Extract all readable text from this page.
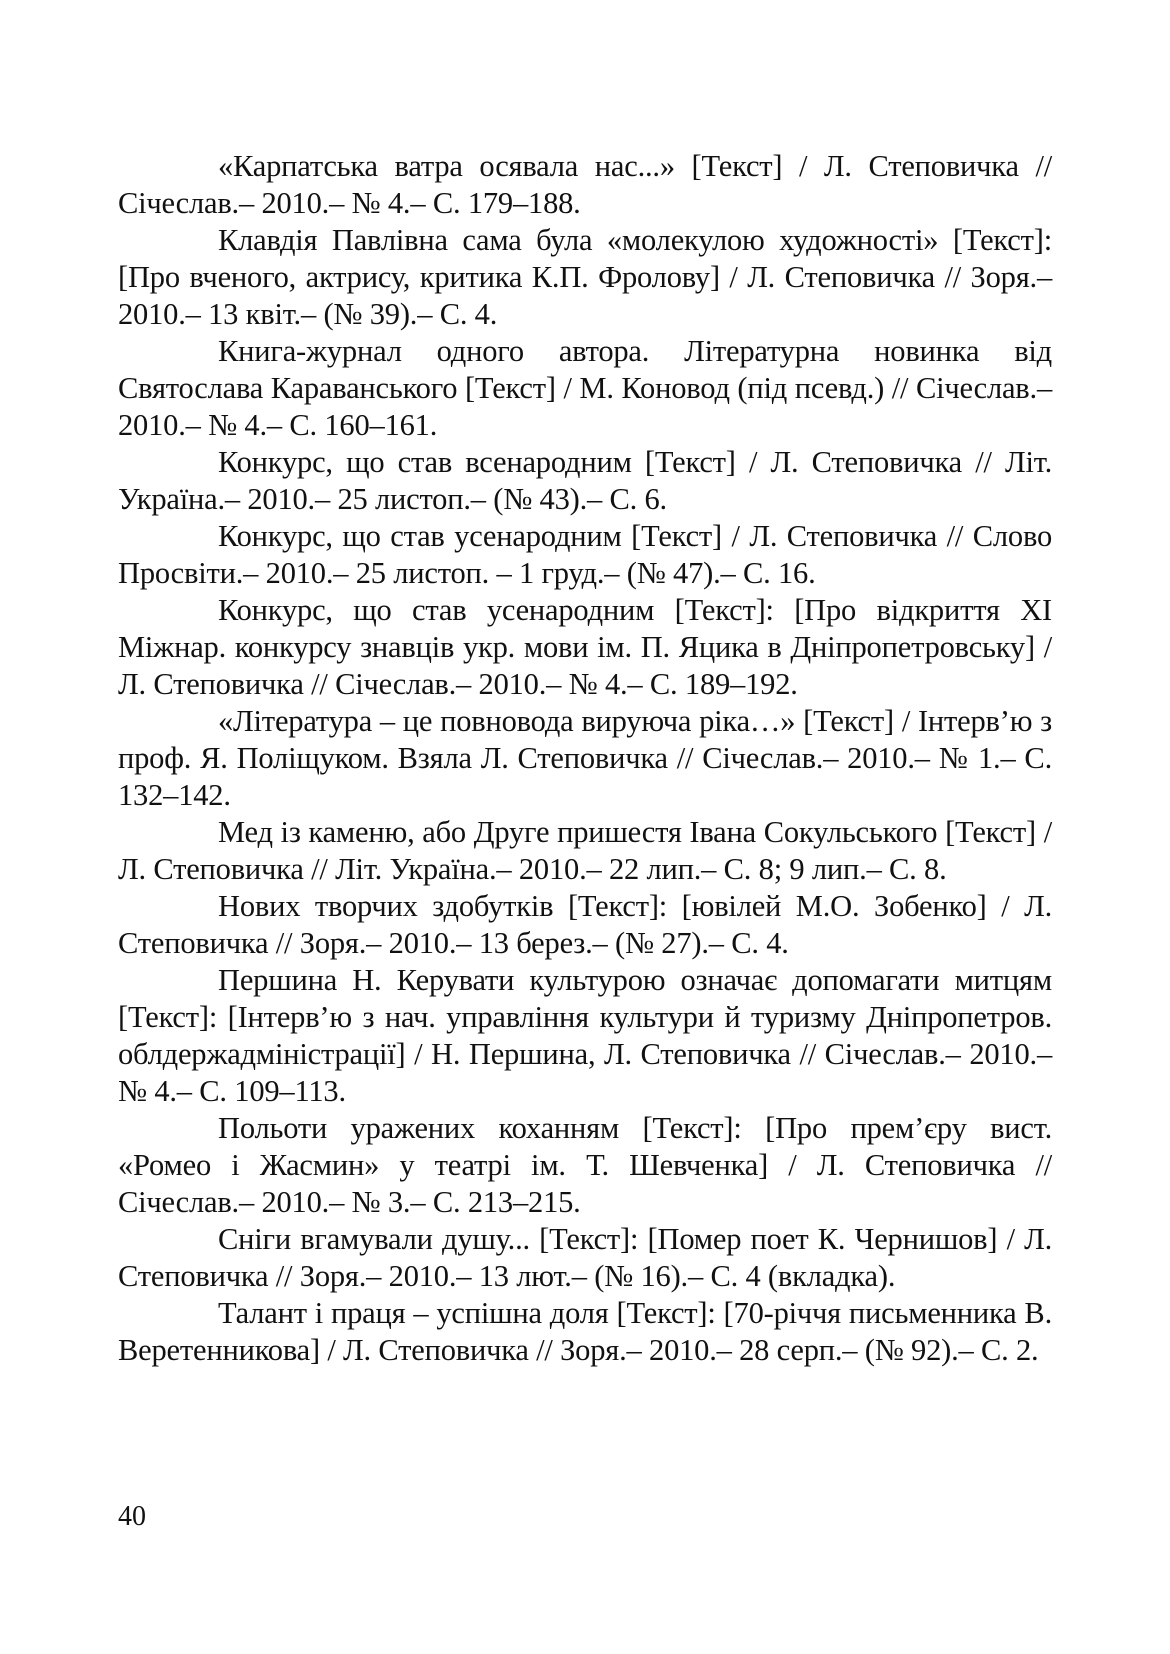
«Карпатська ватра осявала нас...» [Текст] / Л. Степовичка // Січеслав.– 2010.– № 4.– С. 179–188.

Клавдія Павлівна сама була «молекулою художності» [Текст]: [Про вченого, актрису, критика К.П. Фролову] / Л. Степовичка // Зоря.– 2010.– 13 квіт.– (№ 39).– С. 4.

Книга-журнал одного автора. Літературна новинка від Святослава Караванського [Текст] / М. Коновод (під псевд.) // Січеслав.– 2010.– № 4.– С. 160–161.

Конкурс, що став всенародним [Текст] / Л. Степовичка // Літ. Україна.– 2010.– 25 листоп.– (№ 43).– С. 6.

Конкурс, що став усенародним [Текст] / Л. Степовичка // Слово Просвіти.– 2010.– 25 листоп. – 1 груд.– (№ 47).– С. 16.

Конкурс, що став усенародним [Текст]: [Про відкриття XI Міжнар. конкурсу знавців укр. мови ім. П. Яцика в Дніпропетровську] / Л. Степовичка // Січеслав.– 2010.– № 4.– С. 189–192.

«Література – це повновода вируюча ріка…» [Текст] / Інтерв’ю з проф. Я. Поліщуком. Взяла Л. Степовичка // Січеслав.– 2010.– № 1.– С. 132–142.

Мед із каменю, або Друге пришестя Івана Сокульського [Текст] / Л. Степовичка // Літ. Україна.– 2010.– 22 лип.– С. 8; 9 лип.– С. 8.

Нових творчих здобутків [Текст]: [ювілей М.О. Зобенко] / Л. Степовичка // Зоря.– 2010.– 13 берез.– (№ 27).– С. 4.

Першина Н. Керувати культурою означає допомагати митцям [Текст]: [Інтерв’ю з нач. управління культури й туризму Дніпропетров. облдержадміністрації] / Н. Першина, Л. Степовичка // Січеслав.– 2010.– № 4.– С. 109–113.

Польоти уражених коханням [Текст]: [Про прем’єру вист. «Ромео і Жасмин» у театрі ім. Т. Шевченка] / Л. Степовичка // Січеслав.– 2010.– № 3.– С. 213–215.

Сніги вгамували душу... [Текст]: [Помер поет К. Чернишов] / Л. Степовичка // Зоря.– 2010.– 13 лют.– (№ 16).– С. 4 (вкладка).

Талант і праця – успішна доля [Текст]: [70-річчя письменника В. Веретенникова] / Л. Степовичка // Зоря.– 2010.– 28 серп.– (№ 92).– С. 2.

40
